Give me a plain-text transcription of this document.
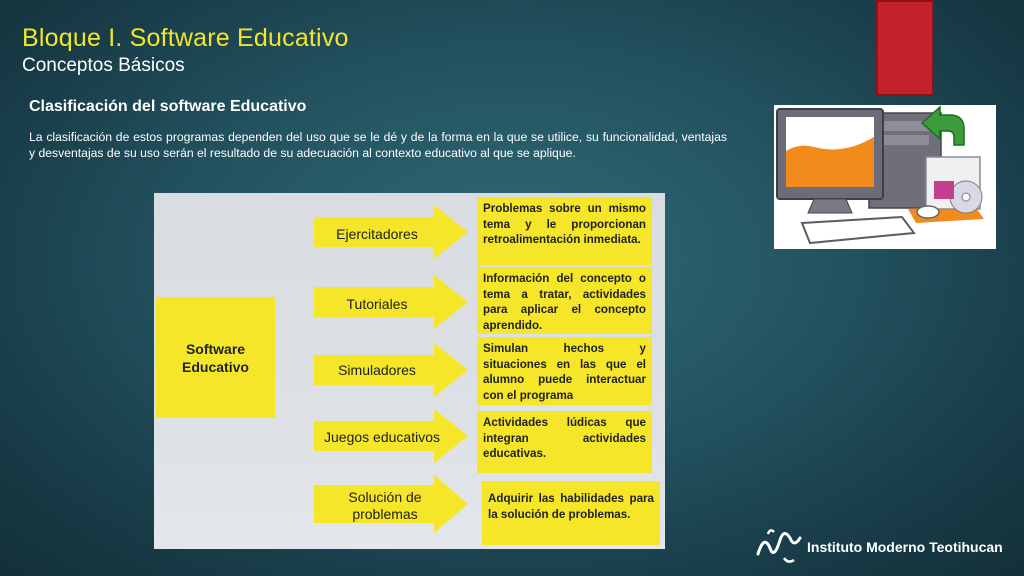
Bloque I. Software Educativo
Conceptos Básicos
Clasificación del software Educativo
La clasificación de estos programas dependen del uso que se le dé y de la forma en la que se utilice, su funcionalidad, ventajas y desventajas de su uso serán el resultado de su adecuación al contexto educativo al que se aplique.
Software
Educativo
Ejercitadores
Tutoriales
Simuladores
Juegos educativos
Solución de problemas
Problemas sobre un mismo tema y le proporcionan retroalimentación inmediata.
Información del concepto o tema a tratar, actividades para aplicar el concepto aprendido.
Simulan hechos y situaciones en las que el alumno puede interactuar con el programa
Actividades lúdicas que integran actividades educativas.
Adquirir las habilidades para la solución de problemas.
Instituto Moderno Teotihucan
